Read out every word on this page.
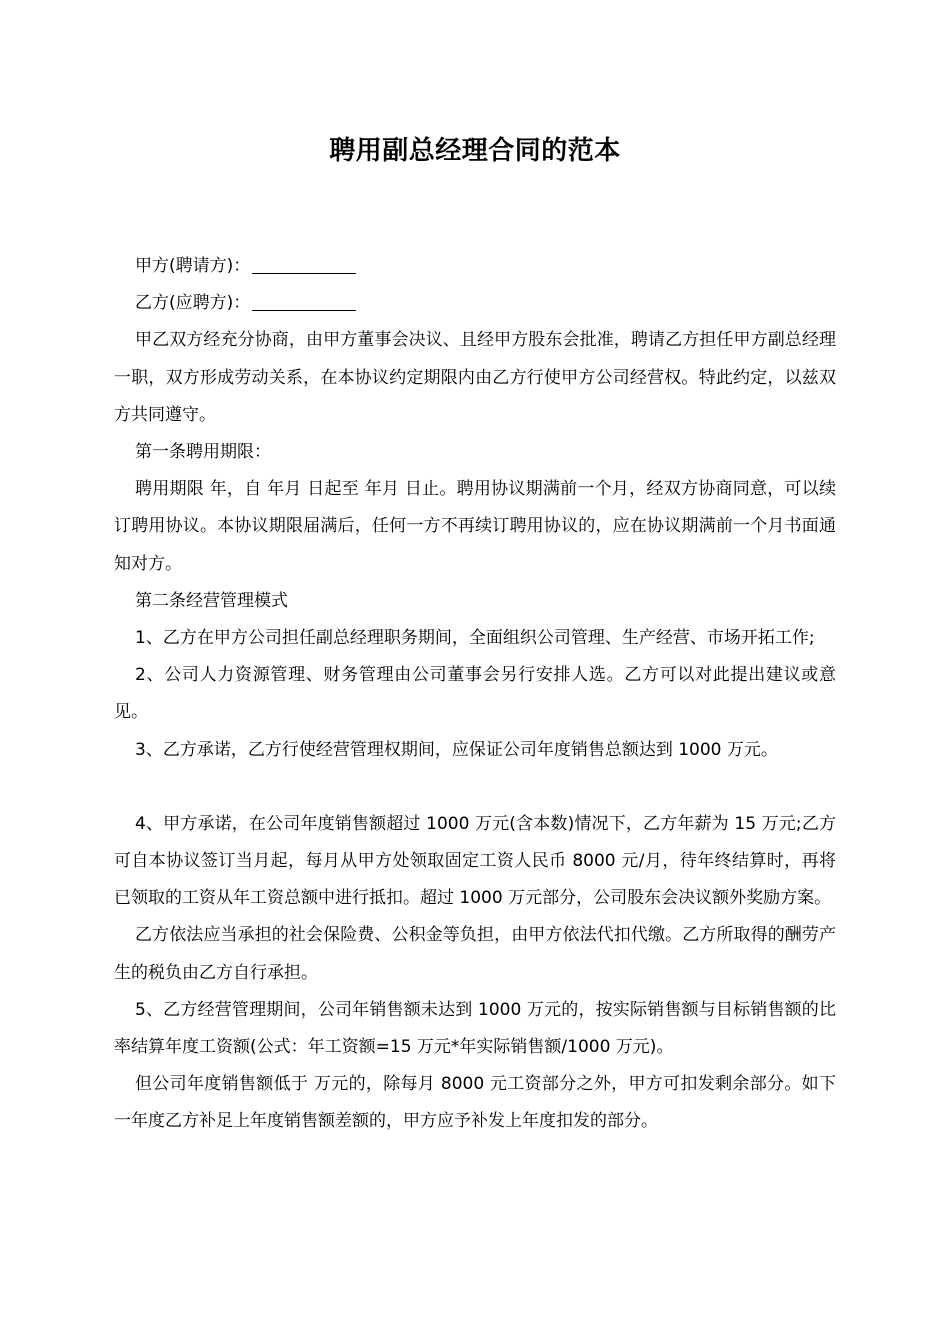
聘用副总经理合同的范本

甲方(聘请方)：

乙方(应聘方)：

甲乙双方经充分协商，由甲方董事会决议、且经甲方股东会批准，聘请乙方担任甲方副总经理一职，双方形成劳动关系，在本协议约定期限内由乙方行使甲方公司经营权。特此约定，以兹双方共同遵守。

第一条聘用期限：

聘用期限 年，自 年月 日起至 年月 日止。聘用协议期满前一个月，经双方协商同意，可以续订聘用协议。本协议期限届满后，任何一方不再续订聘用协议的，应在协议期满前一个月书面通知对方。

第二条经营管理模式

1、乙方在甲方公司担任副总经理职务期间，全面组织公司管理、生产经营、市场开拓工作;

2、公司人力资源管理、财务管理由公司董事会另行安排人选。乙方可以对此提出建议或意见。

3、乙方承诺，乙方行使经营管理权期间，应保证公司年度销售总额达到 1000 万元。

4、甲方承诺，在公司年度销售额超过 1000 万元(含本数)情况下，乙方年薪为 15 万元;乙方可自本协议签订当月起，每月从甲方处领取固定工资人民币 8000 元/月，待年终结算时，再将已领取的工资从年工资总额中进行抵扣。超过 1000 万元部分，公司股东会决议额外奖励方案。

乙方依法应当承担的社会保险费、公积金等负担，由甲方依法代扣代缴。乙方所取得的酬劳产生的税负由乙方自行承担。

5、乙方经营管理期间，公司年销售额未达到 1000 万元的，按实际销售额与目标销售额的比率结算年度工资额(公式：年工资额=15 万元*年实际销售额/1000 万元)。

但公司年度销售额低于 万元的，除每月 8000 元工资部分之外，甲方可扣发剩余部分。如下一年度乙方补足上年度销售额差额的，甲方应予补发上年度扣发的部分。
